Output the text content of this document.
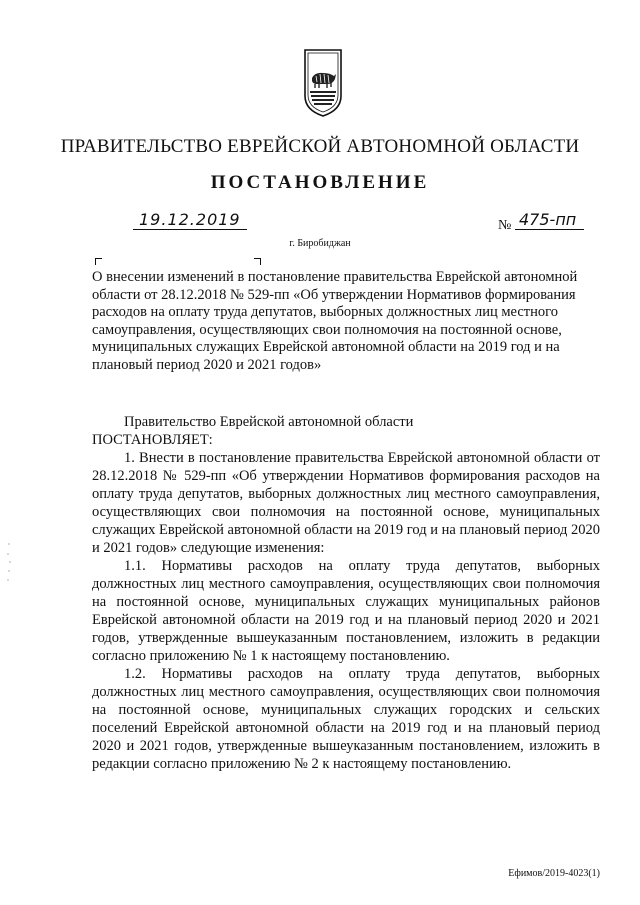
ПРАВИТЕЛЬСТВО ЕВРЕЙСКОЙ АВТОНОМНОЙ ОБЛАСТИ
ПОСТАНОВЛЕНИЕ
19.12.2019	№ 475-пп
г. Биробиджан
О внесении изменений в постановление правительства Еврейской автономной области от 28.12.2018 № 529-пп «Об утверждении Нормативов формирования расходов на оплату труда депутатов, выборных должностных лиц местного самоуправления, осуществляющих свои полномочия на постоянной основе, муниципальных служащих Еврейской автономной области на 2019 год и на плановый период 2020 и 2021 годов»

Правительство Еврейской автономной области

ПОСТАНОВЛЯЕТ:

1. Внести в постановление правительства Еврейской автономной области от 28.12.2018 № 529-пп «Об утверждении Нормативов формирования расходов на оплату труда депутатов, выборных должностных лиц местного самоуправления, осуществляющих свои полномочия на постоянной основе, муниципальных служащих Еврейской автономной области на 2019 год и на плановый период 2020 и 2021 годов» следующие изменения:

1.1. Нормативы расходов на оплату труда депутатов, выборных должностных лиц местного самоуправления, осуществляющих свои полномочия на постоянной основе, муниципальных служащих муниципальных районов Еврейской автономной области на 2019 год и на плановый период 2020 и 2021 годов, утвержденные вышеуказанным постановлением, изложить в редакции согласно приложению № 1 к настоящему постановлению.

1.2. Нормативы расходов на оплату труда депутатов, выборных должностных лиц местного самоуправления, осуществляющих свои полномочия на постоянной основе, муниципальных служащих городских и сельских поселений Еврейской автономной области на 2019 год и на плановый период 2020 и 2021 годов, утвержденные вышеуказанным постановлением, изложить в редакции согласно приложению № 2 к настоящему постановлению.

Ефимов/2019-4023(1)
